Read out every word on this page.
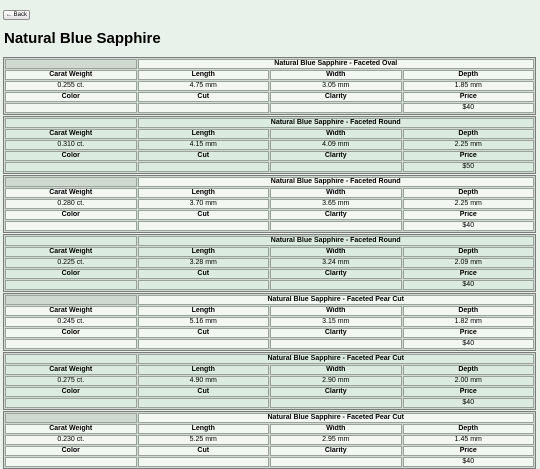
← Back
Natural Blue Sapphire
	Natural Blue Sapphire - Faceted Oval		
Carat Weight	Length	Width	Depth
0.255 ct.	4.75 mm	3.05 mm	1.85 mm
Color	Cut	Clarity	Price
			$40
	Natural Blue Sapphire - Faceted Round		
Carat Weight	Length	Width	Depth
0.310 ct.	4.15 mm	4.09 mm	2.25 mm
Color	Cut	Clarity	Price
			$50
	Natural Blue Sapphire - Faceted Round		
Carat Weight	Length	Width	Depth
0.280 ct.	3.70 mm	3.65 mm	2.25 mm
Color	Cut	Clarity	Price
			$40
	Natural Blue Sapphire - Faceted Round		
Carat Weight	Length	Width	Depth
0.225 ct.	3.28 mm	3.24 mm	2.09 mm
Color	Cut	Clarity	Price
			$40
	Natural Blue Sapphire - Faceted Pear Cut		
Carat Weight	Length	Width	Depth
0.245 ct.	5.16 mm	3.15 mm	1.82 mm
Color	Cut	Clarity	Price
			$40
	Natural Blue Sapphire - Faceted Pear Cut		
Carat Weight	Length	Width	Depth
0.275 ct.	4.90 mm	2.90 mm	2.00 mm
Color	Cut	Clarity	Price
			$40
	Natural Blue Sapphire - Faceted Pear Cut		
Carat Weight	Length	Width	Depth
0.230 ct.	5.25 mm	2.95 mm	1.45 mm
Color	Cut	Clarity	Price
			$40
